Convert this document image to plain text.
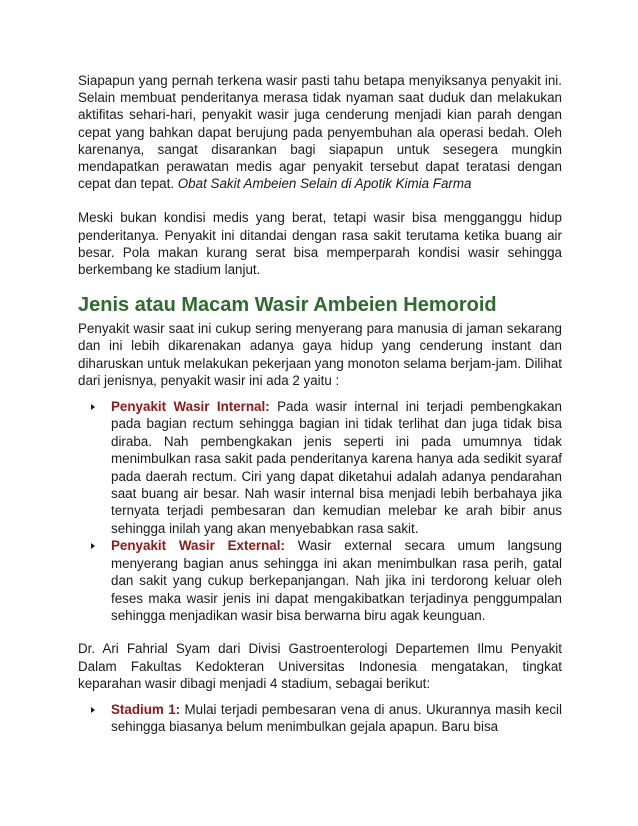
Siapapun yang pernah terkena wasir pasti tahu betapa menyiksanya penyakit ini. Selain membuat penderitanya merasa tidak nyaman saat duduk dan melakukan aktifitas sehari-hari, penyakit wasir juga cenderung menjadi kian parah dengan cepat yang bahkan dapat berujung pada penyembuhan ala operasi bedah. Oleh karenanya, sangat disarankan bagi siapapun untuk sesegera mungkin mendapatkan perawatan medis agar penyakit tersebut dapat teratasi dengan cepat dan tepat. Obat Sakit Ambeien Selain di Apotik Kimia Farma

Meski bukan kondisi medis yang berat, tetapi wasir bisa mengganggu hidup penderitanya. Penyakit ini ditandai dengan rasa sakit terutama ketika buang air besar. Pola makan kurang serat bisa memperparah kondisi wasir sehingga berkembang ke stadium lanjut.

Jenis atau Macam Wasir Ambeien Hemoroid

Penyakit wasir saat ini cukup sering menyerang para manusia di jaman sekarang dan ini lebih dikarenakan adanya gaya hidup yang cenderung instant dan diharuskan untuk melakukan pekerjaan yang monoton selama berjam-jam. Dilihat dari jenisnya, penyakit wasir ini ada 2 yaitu :

Penyakit Wasir Internal: Pada wasir internal ini terjadi pembengkakan pada bagian rectum sehingga bagian ini tidak terlihat dan juga tidak bisa diraba. Nah pembengkakan jenis seperti ini pada umumnya tidak menimbulkan rasa sakit pada penderitanya karena hanya ada sedikit syaraf pada daerah rectum. Ciri yang dapat diketahui adalah adanya pendarahan saat buang air besar. Nah wasir internal bisa menjadi lebih berbahaya jika ternyata terjadi pembesaran dan kemudian melebar ke arah bibir anus sehingga inilah yang akan menyebabkan rasa sakit.
Penyakit Wasir External: Wasir external secara umum langsung menyerang bagian anus sehingga ini akan menimbulkan rasa perih, gatal dan sakit yang cukup berkepanjangan. Nah jika ini terdorong keluar oleh feses maka wasir jenis ini dapat mengakibatkan terjadinya penggumpalan sehingga menjadikan wasir bisa berwarna biru agak keunguan.

Dr. Ari Fahrial Syam dari Divisi Gastroenterologi Departemen Ilmu Penyakit Dalam Fakultas Kedokteran Universitas Indonesia mengatakan, tingkat keparahan wasir dibagi menjadi 4 stadium, sebagai berikut:

Stadium 1: Mulai terjadi pembesaran vena di anus. Ukurannya masih kecil sehingga biasanya belum menimbulkan gejala apapun. Baru bisa
